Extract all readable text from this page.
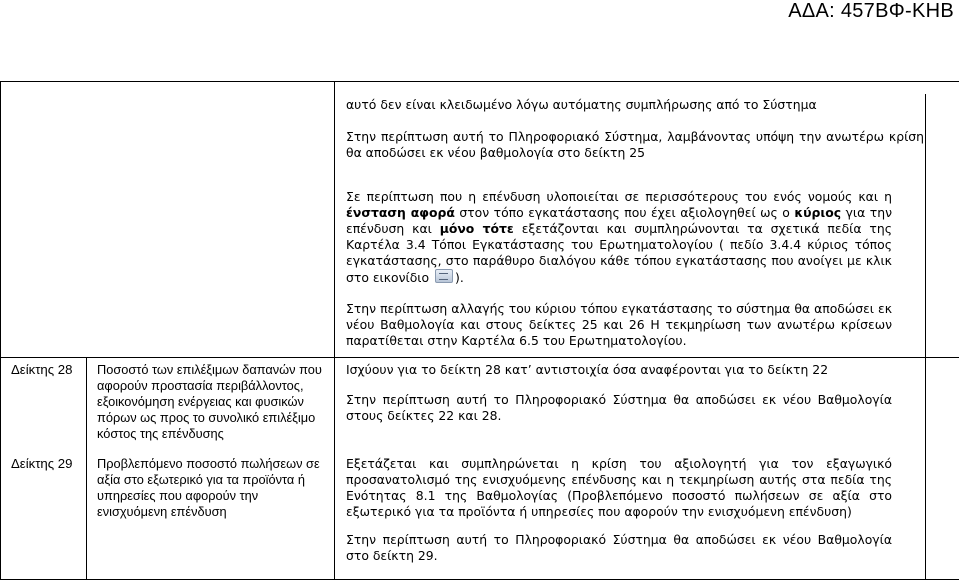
ΑΔΑ: 457ΒΦ-ΚΗΒ

αυτό δεν είναι κλειδωμένο λόγω αυτόματης συμπλήρωσης από το Σύστημα

Στην περίπτωση αυτή το Πληροφοριακό Σύστημα, λαμβάνοντας υπόψη την ανωτέρω κρίση θα αποδώσει εκ νέου βαθμολογία στο δείκτη 25

Σε περίπτωση που η επένδυση υλοποιείται σε περισσότερους του ενός νομούς και η ένσταση αφορά στον τόπο εγκατάστασης που έχει αξιολογηθεί ως ο κύριος για την επένδυση και μόνο τότε εξετάζονται και συμπληρώνονται τα σχετικά πεδία της Καρτέλα 3.4 Τόποι Εγκατάστασης του Ερωτηματολογίου ( πεδίο 3.4.4 κύριος τόπος εγκατάστασης, στο παράθυρο διαλόγου κάθε τόπου εγκατάστασης που ανοίγει με κλικ στο εικονίδιο ).

Στην περίπτωση αλλαγής του κύριου τόπου εγκατάστασης το σύστημα θα αποδώσει εκ νέου Βαθμολογία και στους δείκτες 25 και 26 Η τεκμηρίωση των ανωτέρω κρίσεων παρατίθεται στην Καρτέλα 6.5 του Ερωτηματολογίου.

Δείκτης 28 Ποσοστό των επιλέξιμων δαπανών που αφορούν προστασία περιβάλλοντος, εξοικονόμηση ενέργειας και φυσικών πόρων ως προς το συνολικό επιλέξιμο κόστος της επένδυσης

Ισχύουν για το δείκτη 28 κατ’ αντιστοιχία όσα αναφέρονται για το δείκτη 22

Στην περίπτωση αυτή το Πληροφοριακό Σύστημα θα αποδώσει εκ νέου Βαθμολογία στους δείκτες 22 και 28.

Δείκτης 29 Προβλεπόμενο ποσοστό πωλήσεων σε αξία στο εξωτερικό για τα προϊόντα ή υπηρεσίες που αφορούν την ενισχυόμενη επένδυση

Εξετάζεται και συμπληρώνεται η κρίση του αξιολογητή για τον εξαγωγικό προσανατολισμό της ενισχυόμενης επένδυσης και η τεκμηρίωση αυτής στα πεδία της Ενότητας 8.1 της Βαθμολογίας (Προβλεπόμενο ποσοστό πωλήσεων σε αξία στο εξωτερικό για τα προϊόντα ή υπηρεσίες που αφορούν την ενισχυόμενη επένδυση)

Στην περίπτωση αυτή το Πληροφοριακό Σύστημα θα αποδώσει εκ νέου Βαθμολογία στο δείκτη 29.
